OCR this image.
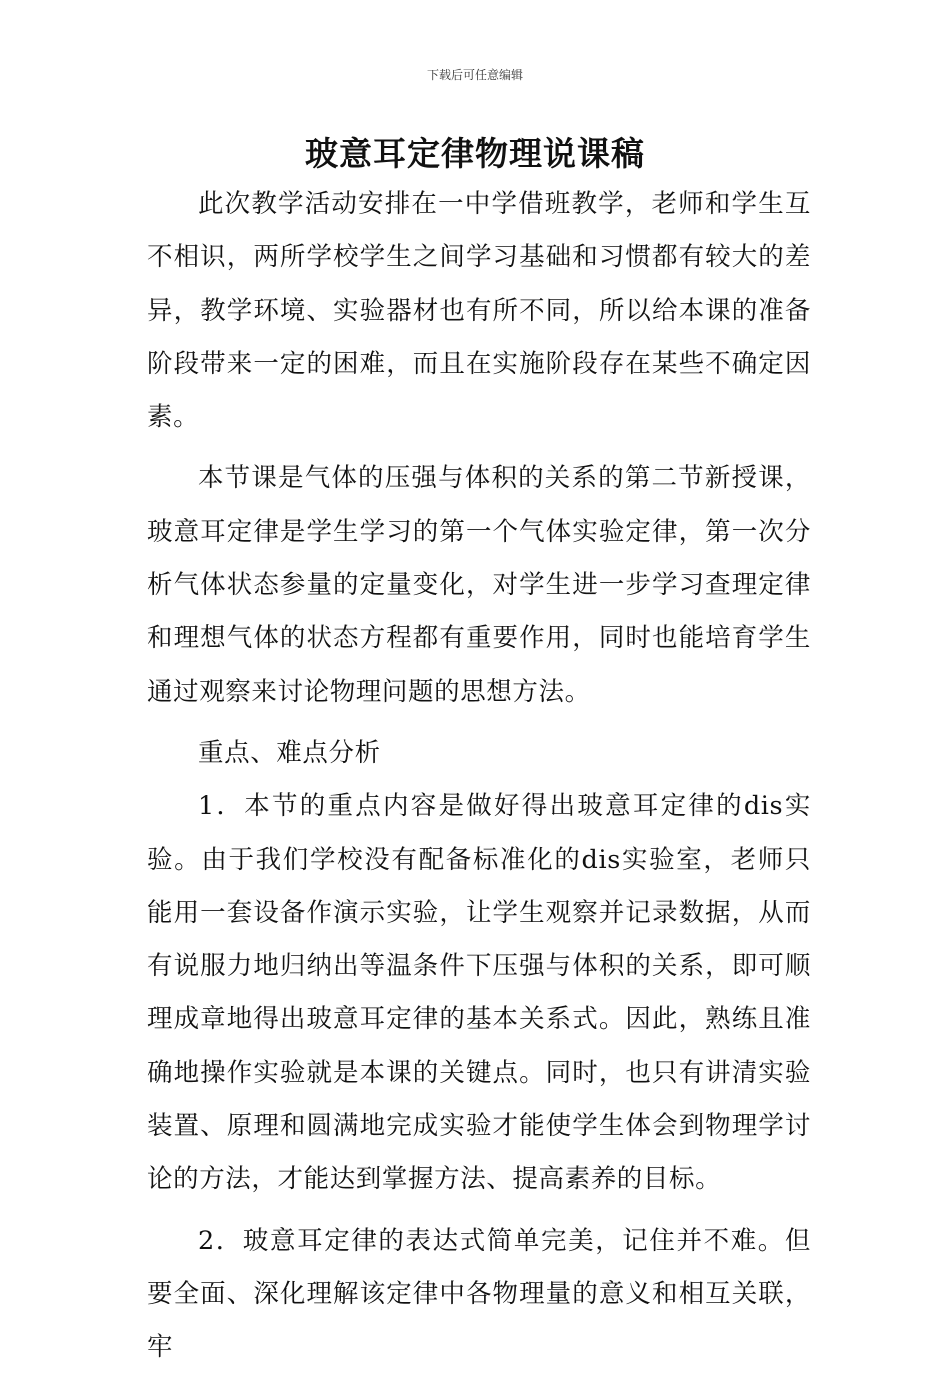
下载后可任意编辑
玻意耳定律物理说课稿

此次教学活动安排在一中学借班教学，老师和学生互不相识，两所学校学生之间学习基础和习惯都有较大的差异，教学环境、实验器材也有所不同，所以给本课的准备阶段带来一定的困难，而且在实施阶段存在某些不确定因素。

本节课是气体的压强与体积的关系的第二节新授课，玻意耳定律是学生学习的第一个气体实验定律，第一次分析气体状态参量的定量变化，对学生进一步学习查理定律和理想气体的状态方程都有重要作用，同时也能培育学生通过观察来讨论物理问题的思想方法。

重点、难点分析

1．本节的重点内容是做好得出玻意耳定律的dis实验。由于我们学校没有配备标准化的dis实验室，老师只能用一套设备作演示实验，让学生观察并记录数据，从而有说服力地归纳出等温条件下压强与体积的关系，即可顺理成章地得出玻意耳定律的基本关系式。因此，熟练且准确地操作实验就是本课的关键点。同时，也只有讲清实验装置、原理和圆满地完成实验才能使学生体会到物理学讨论的方法，才能达到掌握方法、提高素养的目标。

2．玻意耳定律的表达式简单完美，记住并不难。但要全面、深化理解该定律中各物理量的意义和相互关联，牢
